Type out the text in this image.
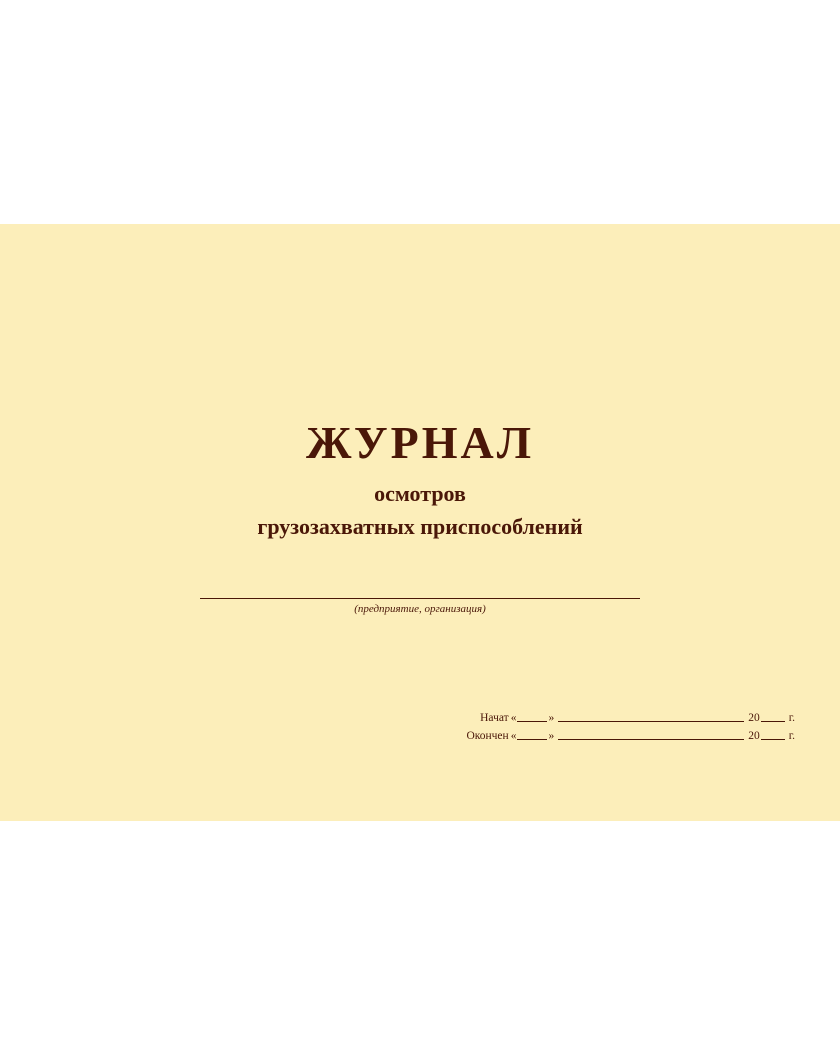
ЖУРНАЛ
осмотров
грузозахватных приспособлений
(предприятие, организация)
Начат «	»	20	г.
Окончен «	»	20	г.
